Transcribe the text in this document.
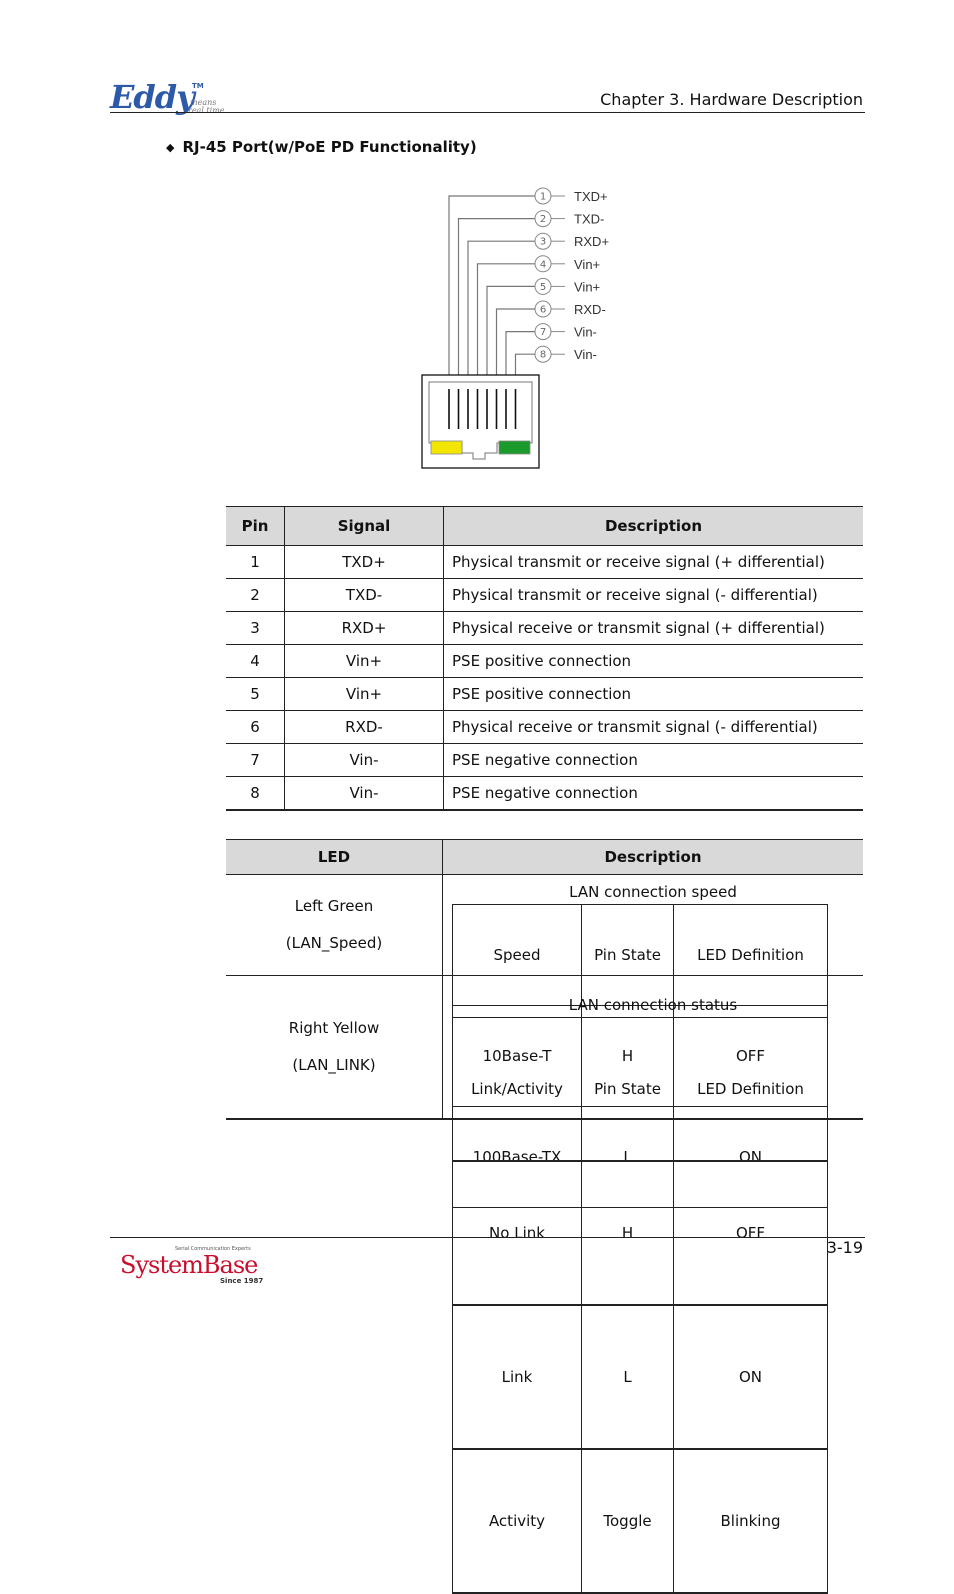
Eddy
TM
means
real time
Chapter 3. Hardware Description
◆ RJ-45 Port(w/PoE PD Functionality)
1 TXD+
2 TXD-
3 RXD+
4 Vin+
5 Vin+
6 RXD-
7 Vin-
8 Vin-
Pin	Signal	Description
1	TXD+	Physical transmit or receive signal (+ differential)
2	TXD-	Physical transmit or receive signal (- differential)
3	RXD+	Physical receive or transmit signal (+ differential)
4	Vin+	PSE positive connection
5	Vin+	PSE positive connection
6	RXD-	Physical receive or transmit signal (- differential)
7	Vin-	PSE negative connection
8	Vin-	PSE negative connection
LED	Description

Left Green
(LAN_Speed)

LAN connection speed
Speed	Pin State	LED Definition
10Base-T	H	OFF
100Base-TX	L	ON

Right Yellow
(LAN_LINK)

LAN connection status
Link/Activity	Pin State	LED Definition
No Link	H	OFF
Link	L	ON
Activity	Toggle	Blinking
3-19
Serial Communication Experts
SystemBase
Since 1987
